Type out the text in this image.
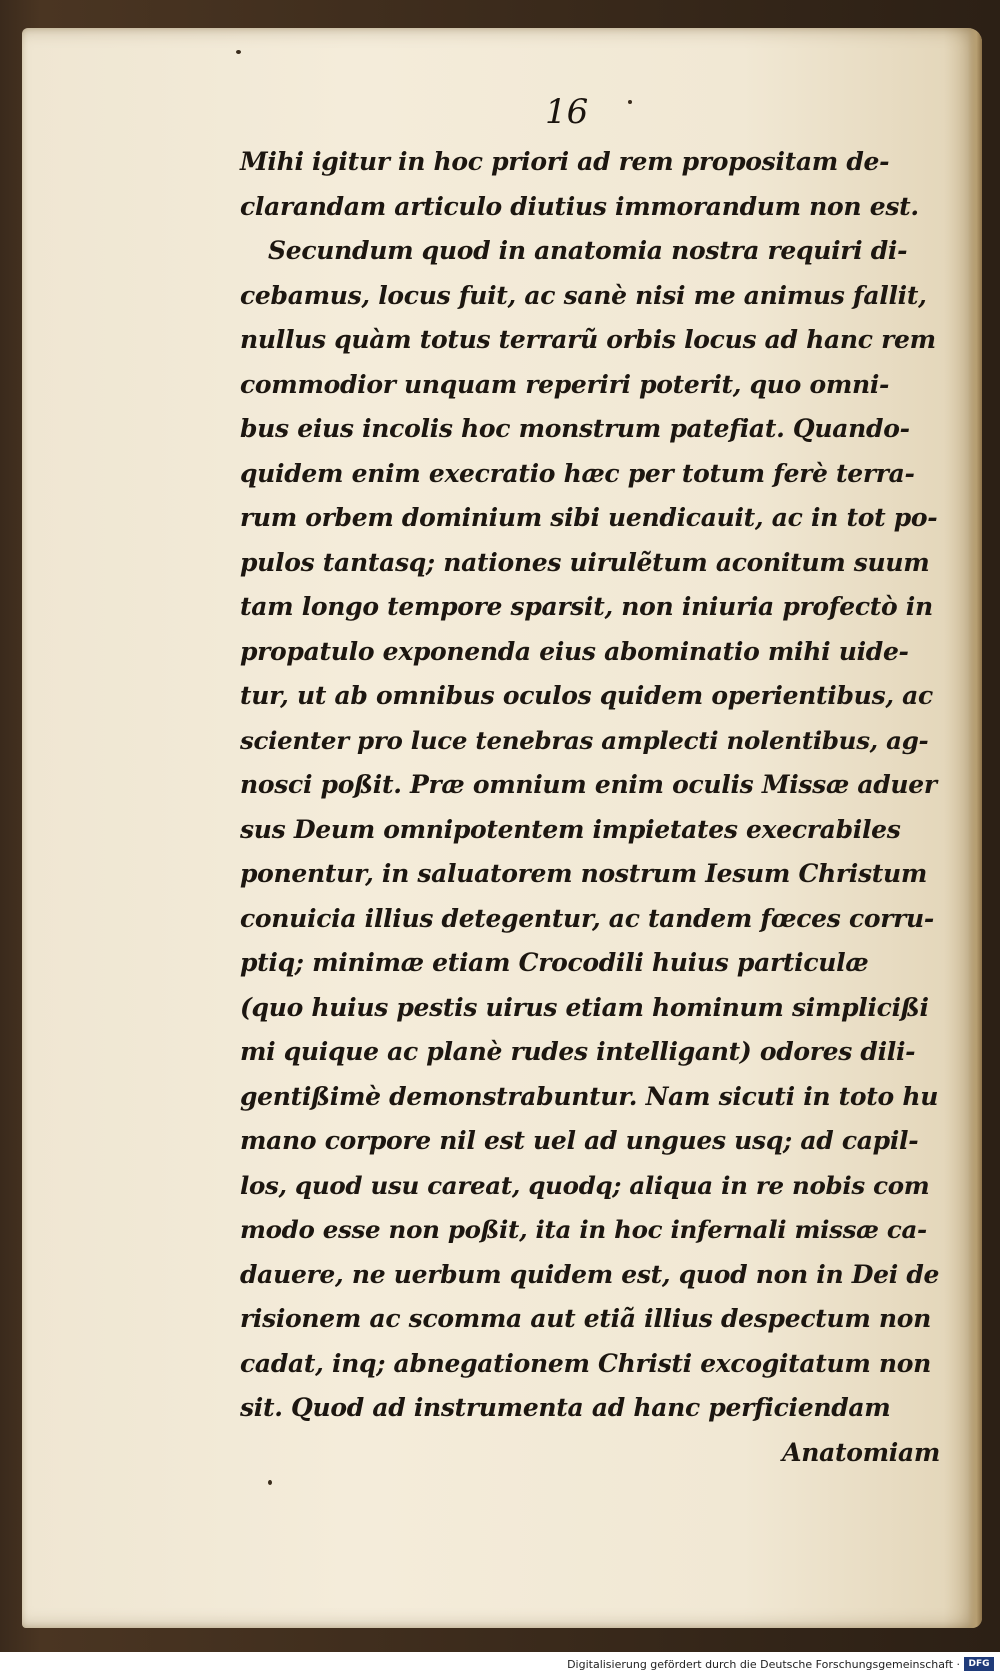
16
Mihi igitur in hoc priori ad rem propositam de-
clarandam articulo diutius immorandum non est.
Secundum quod in anatomia nostra requiri di-
cebamus, locus fuit, ac sanè nisi me animus fallit,
nullus quàm totus terrarũ orbis locus ad hanc rem
commodior unquam reperiri poterit, quo omni-
bus eius incolis hoc monstrum patefiat. Quando-
quidem enim execratio hæc per totum ferè terra-
rum orbem dominium sibi uendicauit, ac in tot po-
pulos tantasq; nationes uirulẽtum aconitum suum
tam longo tempore sparsit, non iniuria profectò in
propatulo exponenda eius abominatio mihi uide-
tur, ut ab omnibus oculos quidem operientibus, ac
scienter pro luce tenebras amplecti nolentibus, ag-
nosci poßit. Præ omnium enim oculis Missæ aduer
sus Deum omnipotentem impietates execrabiles
ponentur, in saluatorem nostrum Iesum Christum
conuicia illius detegentur, ac tandem fœces corru-
ptiq; minimæ etiam Crocodili huius particulæ
(quo huius pestis uirus etiam hominum simplicißi
mi quique ac planè rudes intelligant) odores dili-
gentißimè demonstrabuntur. Nam sicuti in toto hu
mano corpore nil est uel ad ungues usq; ad capil-
los, quod usu careat, quodq; aliqua in re nobis com
modo esse non poßit, ita in hoc infernali missæ ca-
dauere, ne uerbum quidem est, quod non in Dei de
risionem ac scomma aut etiã illius despectum non
cadat, inq; abnegationem Christi excogitatum non
sit. Quod ad instrumenta ad hanc perficiendam
Anatomiam
Digitalisierung gefördert durch die Deutsche Forschungsgemeinschaft · DFG
